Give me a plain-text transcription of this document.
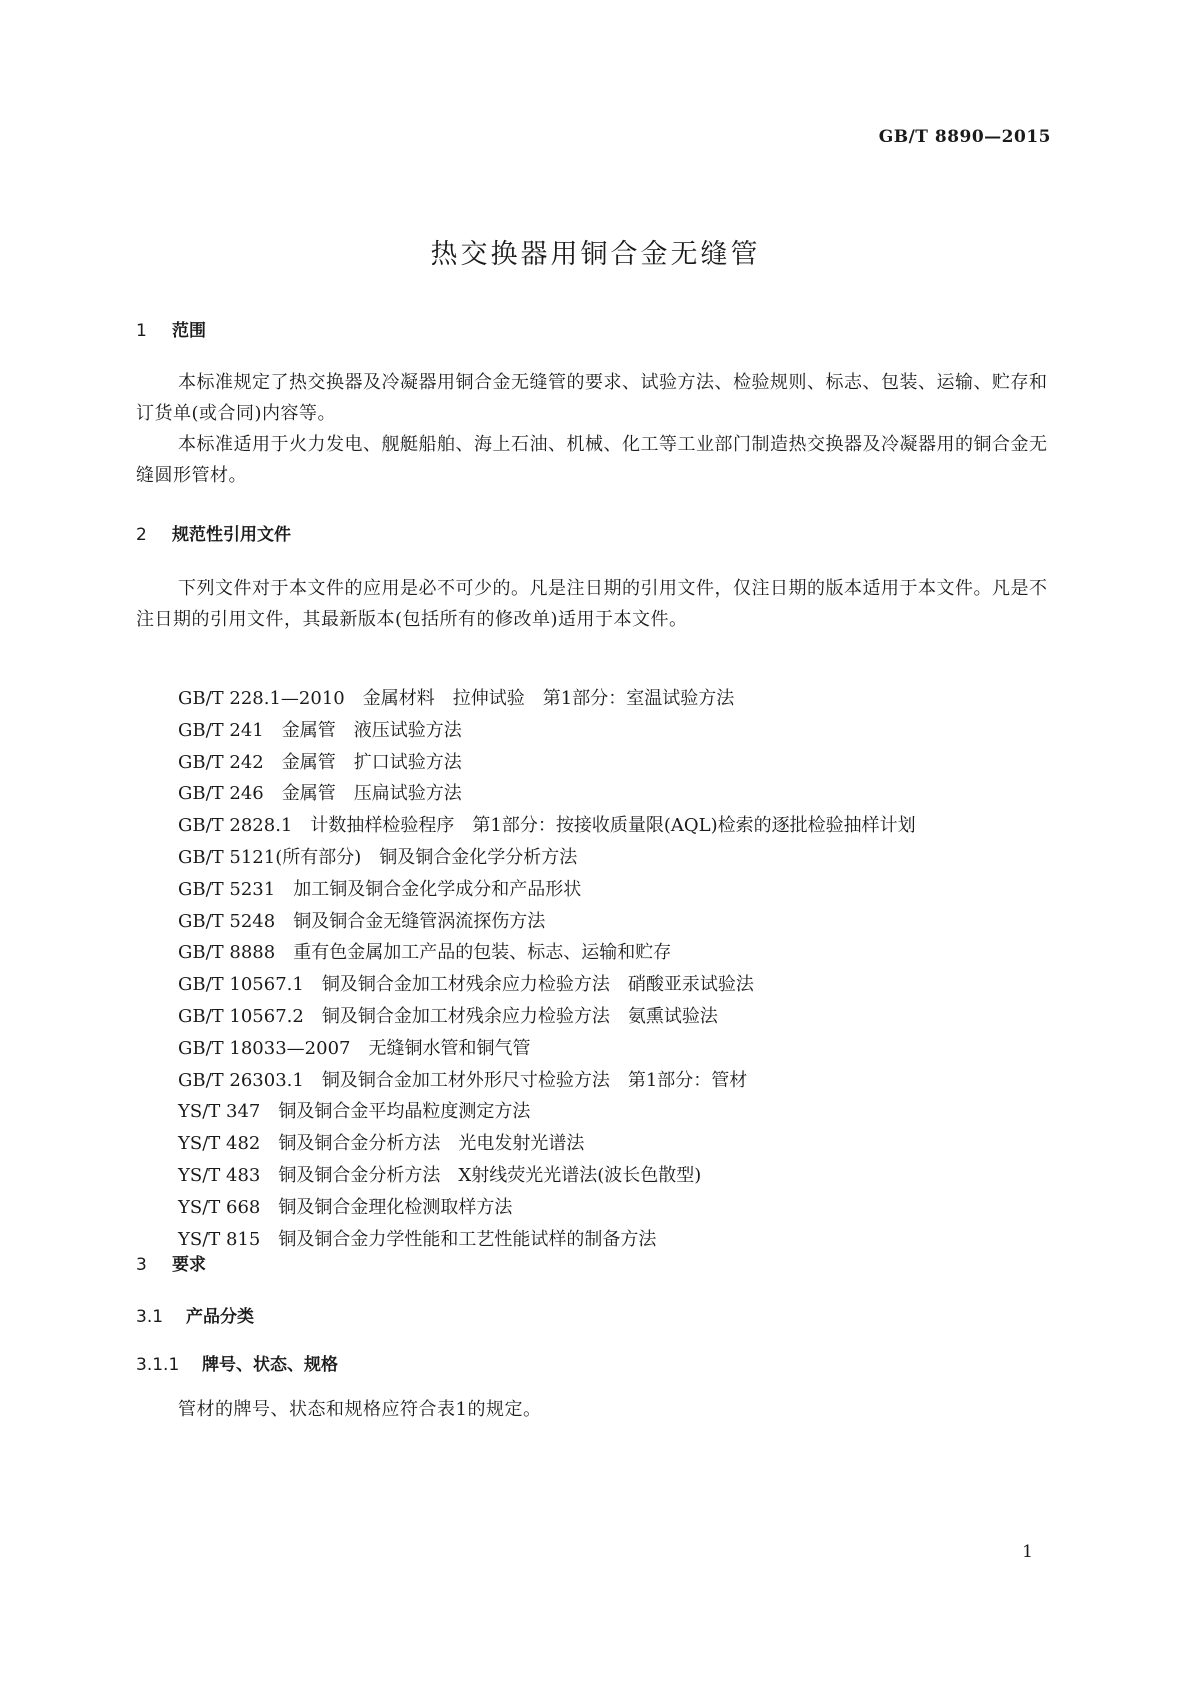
GB/T 8890—2015
热交换器用铜合金无缝管
1 范围
本标准规定了热交换器及冷凝器用铜合金无缝管的要求、试验方法、检验规则、标志、包装、运输、贮存和订货单(或合同)内容等。
本标准适用于火力发电、舰艇船舶、海上石油、机械、化工等工业部门制造热交换器及冷凝器用的铜合金无缝圆形管材。
2 规范性引用文件
下列文件对于本文件的应用是必不可少的。凡是注日期的引用文件，仅注日期的版本适用于本文件。凡是不注日期的引用文件，其最新版本(包括所有的修改单)适用于本文件。
GB/T 228.1—2010 金属材料　拉伸试验　第1部分：室温试验方法
GB/T 241 金属管　液压试验方法
GB/T 242 金属管　扩口试验方法
GB/T 246 金属管　压扁试验方法
GB/T 2828.1 计数抽样检验程序　第1部分：按接收质量限(AQL)检索的逐批检验抽样计划
GB/T 5121(所有部分) 铜及铜合金化学分析方法
GB/T 5231 加工铜及铜合金化学成分和产品形状
GB/T 5248 铜及铜合金无缝管涡流探伤方法
GB/T 8888 重有色金属加工产品的包装、标志、运输和贮存
GB/T 10567.1 铜及铜合金加工材残余应力检验方法　硝酸亚汞试验法
GB/T 10567.2 铜及铜合金加工材残余应力检验方法　氨熏试验法
GB/T 18033—2007 无缝铜水管和铜气管
GB/T 26303.1 铜及铜合金加工材外形尺寸检验方法　第1部分：管材
YS/T 347 铜及铜合金平均晶粒度测定方法
YS/T 482 铜及铜合金分析方法　光电发射光谱法
YS/T 483 铜及铜合金分析方法　X射线荧光光谱法(波长色散型)
YS/T 668 铜及铜合金理化检测取样方法
YS/T 815 铜及铜合金力学性能和工艺性能试样的制备方法
3 要求
3.1 产品分类
3.1.1 牌号、状态、规格
管材的牌号、状态和规格应符合表1的规定。
1
